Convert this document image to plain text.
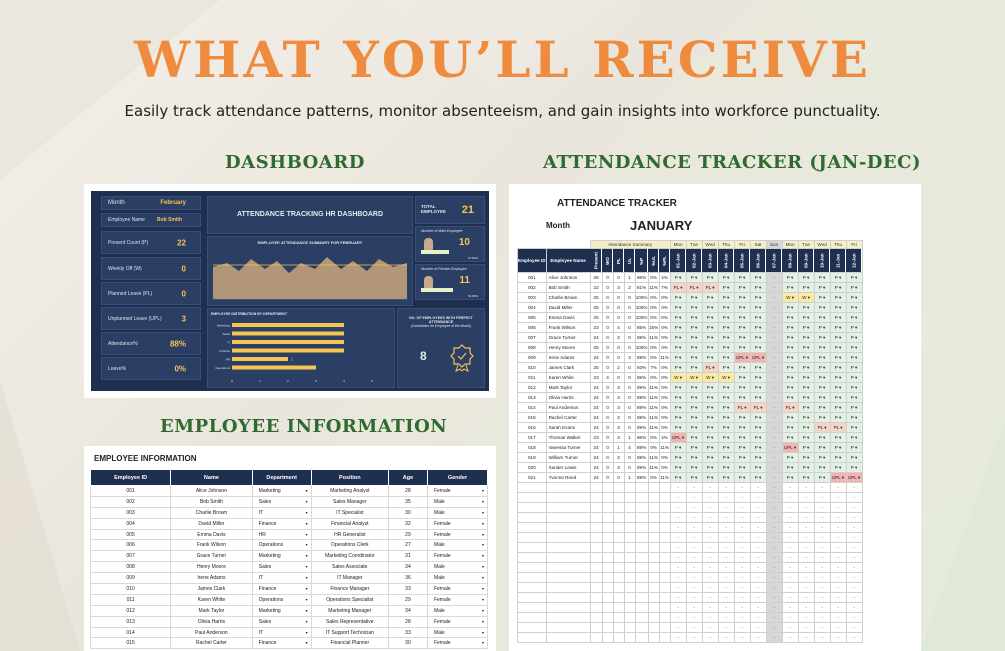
WHAT YOU’LL RECEIVE
Easily track attendance patterns, monitor absenteeism, and gain insights into workforce punctuality.
DASHBOARD	ATTENDANCE TRACKER (JAN-DEC)
EMPLOYEE INFORMATION
Month	February
Employee Name Bob Smith
Present Count (P)	22
Weekly Off (W)	0
Planned Leave (PL)	0
Unplanned Leave (UPL) 3
Attendance%	88%
Leave%	0%
ATTENDANCE TRACKING HR DASHBOARD
TOTAL EMPLOYEE	21
Number of Male Employee
10
47.62%
Number of Female Employee
11
52.38%
EMPLOYEE ATTENDANCE SUMMARY FOR FEBRUARY
EMPLOYEE DISTRIBUTION BY DEPARTMENT
Marketing
Sales
IT
Finance
HR
Operations
0	1	2	3	4	5
2
NO. OF EMPLOYEES WITH PERFECT ATTENDANCE
(Candidates for Employee of the Month)
8
EMPLOYEE INFORMATION
Employee ID	Name	Department	Position	Age	Gender
001	Alice Johnson	Marketing ▾	Marketing Analyst	28	Female ▾

002	Bob Smith	Sales ▾	Sales Manager	35	Male ▾

003	Charlie Brown	IT ▾	IT Specialist	30	Male ▾

004	David Miller	Finance ▾	Financial Analyst	32	Female ▾

005	Emma Davis	HR ▾	HR Generalist	29	Female ▾

006	Frank Wilson	Operations ▾	Operations Clerk	27	Male ▾

007	Grace Turner	Marketing ▾	Marketing Coordinator	31	Female ▾

008	Henry Moore	Sales ▾	Sales Associate	34	Male ▾

009	Irene Adams	IT ▾	IT Manager	36	Male ▾

010	James Clark	Finance ▾	Finance Manager	33	Female ▾

011	Karen White	Operations ▾	Operations Specialist	29	Female ▾

012	Mark Taylor	Marketing ▾	Marketing Manager	34	Male ▾

013	Olivia Harris	Sales ▾	Sales Representative	28	Female ▾

014	Paul Anderson	IT ▾	IT Support Technician	33	Male ▾

015	Rachel Carter	Finance ▾	Financial Planner	30	Female ▾
ATTENDANCE TRACKER
Month	JANUARY
		Attendance Summary							Mon	Tue	Wed	Thu	Fri	Sat	Sun	Mon	Tue	Wed	Thu	Fri
Employee ID	Employee Name	Present	WO	PL	UL	%P	%UL	%PL	01-Jan	02-Jan	03-Jan	04-Jan	05-Jan	06-Jan	07-Jan	08-Jan	09-Jan	10-Jan	11-Jan	12-Jan
001	Alice Johnson	26	0	0	1	96%	0%	4%	P ▾	P ▾	P ▾	P ▾	P ▾	P ▾	-	P ▾	P ▾	P ▾	P ▾	P ▾
002	Bob Smith	22	0	3	2	81%	11%	7%	PL ▾	PL ▾	PL ▾	P ▾	P ▾	P ▾	-	P ▾	P ▾	P ▾	P ▾	P ▾
003	Charlie Brown	25	0	0	0	100%	0%	0%	P ▾	P ▾	P ▾	P ▾	P ▾	P ▾	-	W ▾	W ▾	P ▾	P ▾	P ▾
004	David Miller	25	0	0	0	100%	0%	0%	P ▾	P ▾	P ▾	P ▾	P ▾	P ▾	-	P ▾	P ▾	P ▾	P ▾	P ▾
005	Emma Davis	25	0	0	0	100%	0%	0%	P ▾	P ▾	P ▾	P ▾	P ▾	P ▾	-	P ▾	P ▾	P ▾	P ▾	P ▾
006	Frank Wilson	23	0	4	0	85%	15%	0%	P ▾	P ▾	P ▾	P ▾	P ▾	P ▾	-	P ▾	P ▾	P ▾	P ▾	P ▾
007	Grace Turner	24	0	3	0	89%	11%	0%	P ▾	P ▾	P ▾	P ▾	P ▾	P ▾	-	P ▾	P ▾	P ▾	P ▾	P ▾
008	Henry Moore	25	0	0	0	100%	0%	0%	P ▾	P ▾	P ▾	P ▾	P ▾	P ▾	-	P ▾	P ▾	P ▾	P ▾	P ▾
009	Irene Adams	24	0	0	3	89%	0%	11%	P ▾	P ▾	P ▾	P ▾	UPL ▾	UPL ▾	-	P ▾	P ▾	P ▾	P ▾	P ▾
010	James Clark	25	0	2	0	93%	7%	0%	P ▾	P ▾	PL ▾	P ▾	P ▾	P ▾	-	P ▾	P ▾	P ▾	P ▾	P ▾
011	Karen White	23	4	0	0	85%	0%	0%	W ▾	W ▾	W ▾	W ▾	P ▾	P ▾	-	P ▾	P ▾	P ▾	P ▾	P ▾
012	Mark Taylor	24	0	3	0	89%	11%	0%	P ▾	P ▾	P ▾	P ▾	P ▾	P ▾	-	P ▾	P ▾	P ▾	P ▾	P ▾
013	Olivia Harris	24	0	3	0	89%	11%	0%	P ▾	P ▾	P ▾	P ▾	P ▾	P ▾	-	P ▾	P ▾	P ▾	P ▾	P ▾
014	Paul Anderson	24	0	3	0	89%	11%	0%	P ▾	P ▾	P ▾	P ▾	PL ▾	PL ▾	-	PL ▾	P ▾	P ▾	P ▾	P ▾
015	Rachel Carter	24	0	3	0	89%	11%	0%	P ▾	P ▾	P ▾	P ▾	P ▾	P ▾	-	P ▾	P ▾	P ▾	P ▾	P ▾
016	Sarah Evans	24	0	3	0	89%	11%	0%	P ▾	P ▾	P ▾	P ▾	P ▾	P ▾	-	P ▾	P ▾	PL ▾	PL ▾	P ▾
017	Thomas Walker	23	0	3	1	96%	0%	4%	UPL ▾	P ▾	P ▾	P ▾	P ▾	P ▾	-	P ▾	P ▾	P ▾	P ▾	P ▾
018	Vanessa Turner	24	0	1	4	89%	0%	11%	P ▾	P ▾	P ▾	P ▾	P ▾	P ▾	-	UPL ▾	P ▾	P ▾	P ▾	P ▾
019	William Turner	24	0	3	0	89%	11%	0%	P ▾	P ▾	P ▾	P ▾	P ▾	P ▾	-	P ▾	P ▾	P ▾	P ▾	P ▾
020	Xander Lewis	24	0	3	0	89%	11%	0%	P ▾	P ▾	P ▾	P ▾	P ▾	P ▾	-	P ▾	P ▾	P ▾	P ▾	P ▾
021	Yvonne Reed	24	0	0	1	89%	0%	11%	P ▾	P ▾	P ▾	P ▾	P ▾	P ▾	-	P ▾	P ▾	P ▾	UPL ▾	UPL ▾
									-	-	-	-	-	-	-	-	-	-	-	-
									-	-	-	-	-	-	-	-	-	-	-	-
									-	-	-	-	-	-	-	-	-	-	-	-
									-	-	-	-	-	-	-	-	-	-	-	-
									-	-	-	-	-	-	-	-	-	-	-	-
									-	-	-	-	-	-	-	-	-	-	-	-
									-	-	-	-	-	-	-	-	-	-	-	-
									-	-	-	-	-	-	-	-	-	-	-	-
									-	-	-	-	-	-	-	-	-	-	-	-
									-	-	-	-	-	-	-	-	-	-	-	-
									-	-	-	-	-	-	-	-	-	-	-	-
									-	-	-	-	-	-	-	-	-	-	-	-
									-	-	-	-	-	-	-	-	-	-	-	-
									-	-	-	-	-	-	-	-	-	-	-	-
									-	-	-	-	-	-	-	-	-	-	-	-
									-	-	-	-	-	-	-	-	-	-	-	-
